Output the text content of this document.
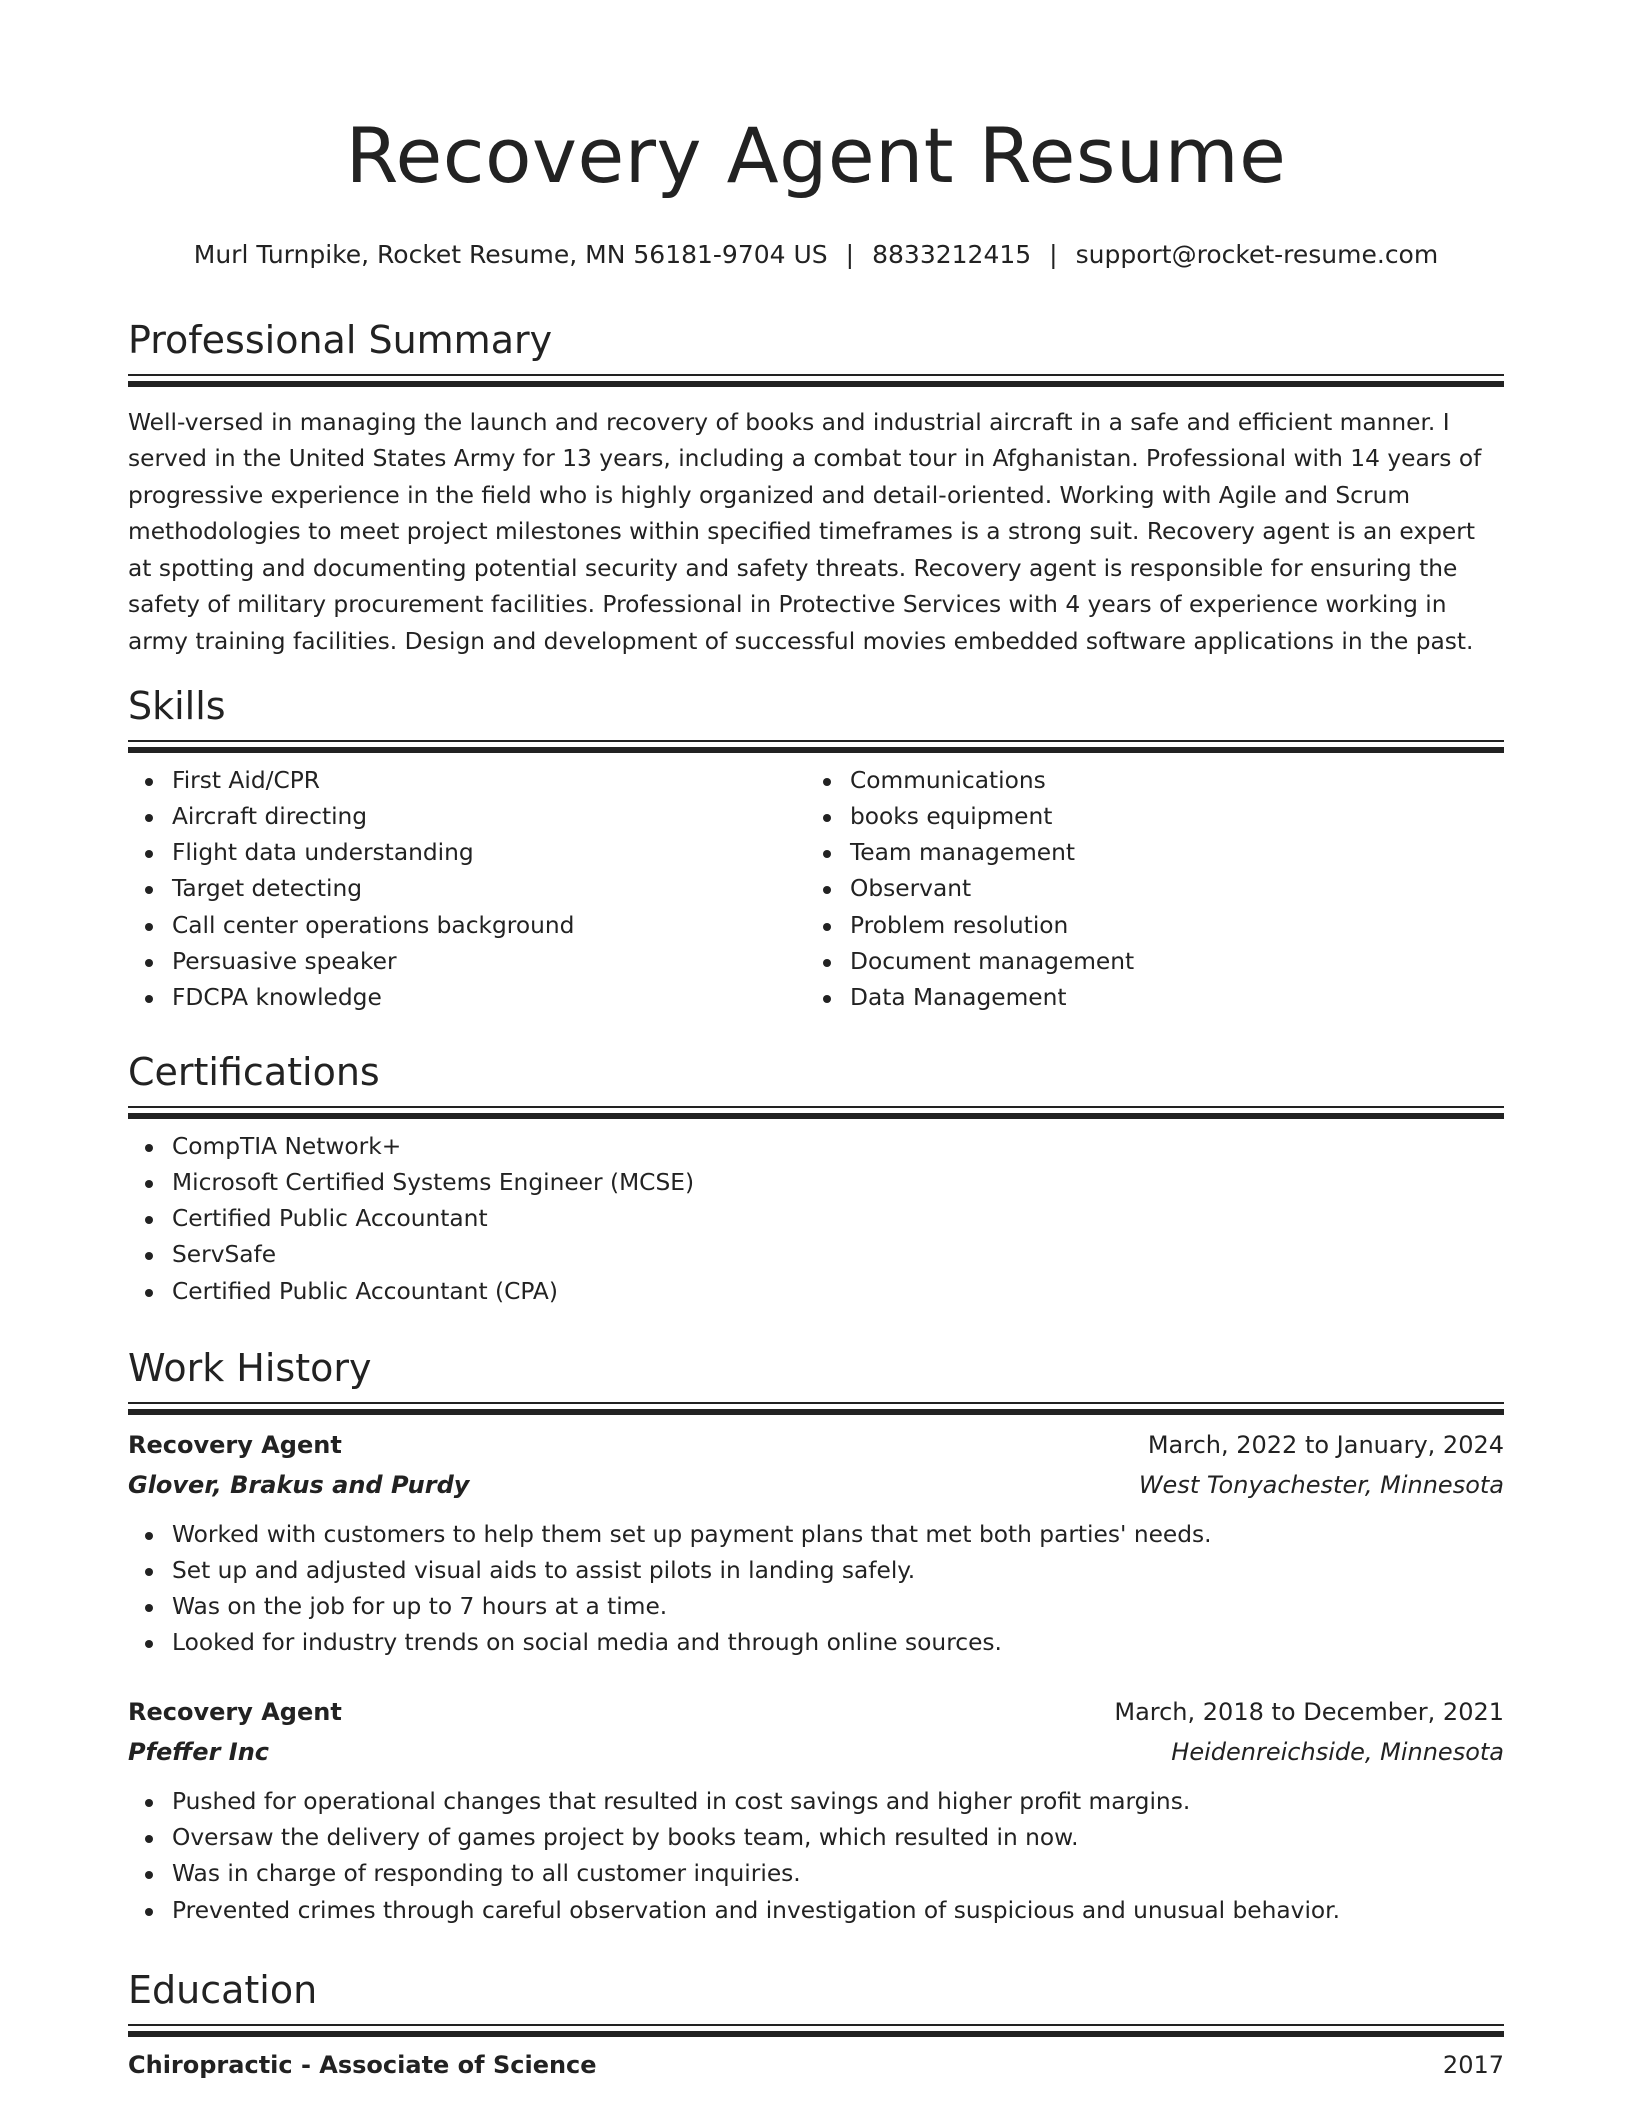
Recovery Agent Resume
Murl Turnpike, Rocket Resume, MN 56181-9704 US | 8833212415 | support@rocket-resume.com
Professional Summary

Well-versed in managing the launch and recovery of books and industrial aircraft in a safe and efficient manner. I served in the United States Army for 13 years, including a combat tour in Afghanistan. Professional with 14 years of progressive experience in the field who is highly organized and detail-oriented. Working with Agile and Scrum methodologies to meet project milestones within specified timeframes is a strong suit. Recovery agent is an expert at spotting and documenting potential security and safety threats. Recovery agent is responsible for ensuring the safety of military procurement facilities. Professional in Protective Services with 4 years of experience working in army training facilities. Design and development of successful movies embedded software applications in the past.

Skills
First Aid/CPR
Aircraft directing
Flight data understanding
Target detecting
Call center operations background
Persuasive speaker
FDCPA knowledge
Communications
books equipment
Team management
Observant
Problem resolution
Document management
Data Management
Certifications
CompTIA Network+
Microsoft Certified Systems Engineer (MCSE)
Certified Public Accountant
ServSafe
Certified Public Accountant (CPA)
Work History
Recovery Agent	March, 2022 to January, 2024
Glover, Brakus and Purdy	West Tonyachester, Minnesota
Worked with customers to help them set up payment plans that met both parties' needs.
Set up and adjusted visual aids to assist pilots in landing safely.
Was on the job for up to 7 hours at a time.
Looked for industry trends on social media and through online sources.
Recovery Agent	March, 2018 to December, 2021
Pfeffer Inc	Heidenreichside, Minnesota
Pushed for operational changes that resulted in cost savings and higher profit margins.
Oversaw the delivery of games project by books team, which resulted in now.
Was in charge of responding to all customer inquiries.
Prevented crimes through careful observation and investigation of suspicious and unusual behavior.
Education
Chiropractic - Associate of Science	2017
